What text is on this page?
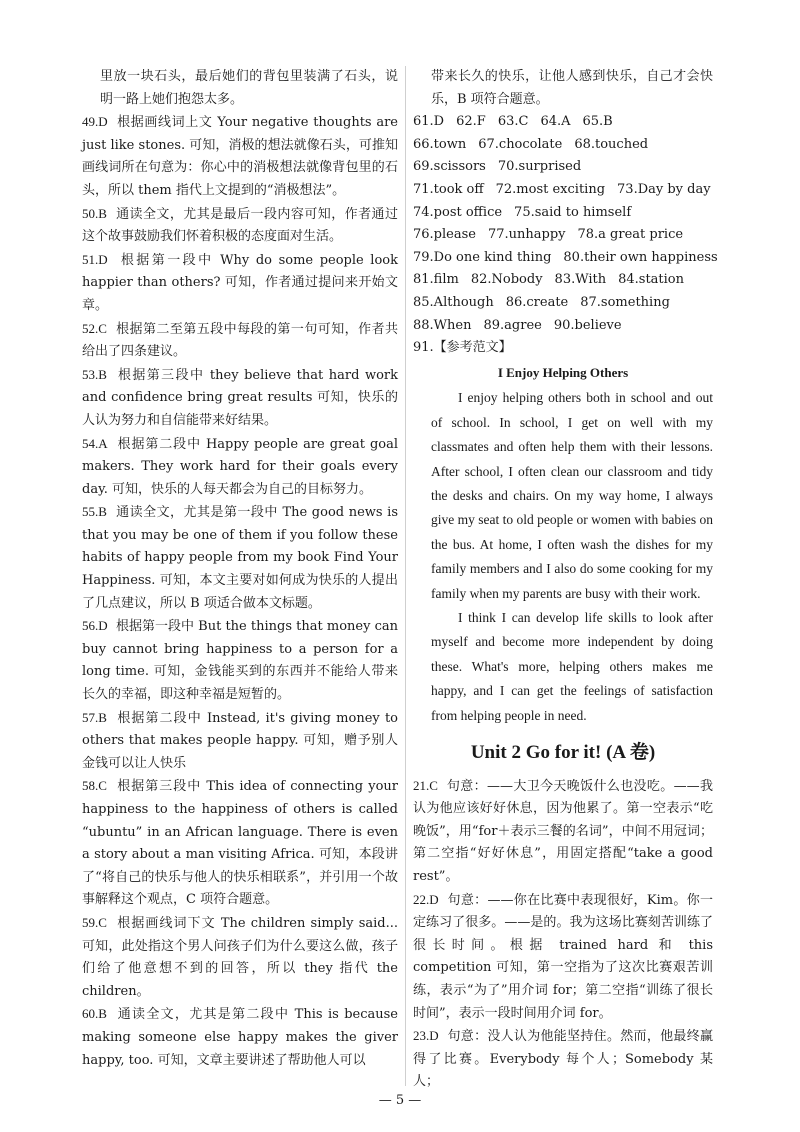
里放一块石头，最后她们的背包里装满了石头，说明一路上她们抱怨太多。
49.D 根据画线词上文 Your negative thoughts are just like stones. 可知，消极的想法就像石头，可推知画线词所在句意为：你心中的消极想法就像背包里的石头，所以 them 指代上文提到的“消极想法”。
50.B 通读全文，尤其是最后一段内容可知，作者通过这个故事鼓励我们怀着积极的态度面对生活。
51.D 根据第一段中 Why do some people look happier than others? 可知，作者通过提问来开始文章。
52.C 根据第二至第五段中每段的第一句可知，作者共给出了四条建议。
53.B 根据第三段中 they believe that hard work and confidence bring great results 可知，快乐的人认为努力和自信能带来好结果。
54.A 根据第二段中 Happy people are great goal makers. They work hard for their goals every day. 可知，快乐的人每天都会为自己的目标努力。
55.B 通读全文，尤其是第一段中 The good news is that you may be one of them if you follow these habits of happy people from my book Find Your Happiness. 可知，本文主要对如何成为快乐的人提出了几点建议，所以 B 项适合做本文标题。
56.D 根据第一段中 But the things that money can buy cannot bring happiness to a person for a long time. 可知，金钱能买到的东西并不能给人带来长久的幸福，即这种幸福是短暂的。
57.B 根据第二段中 Instead, it's giving money to others that makes people happy. 可知，赠予别人金钱可以让人快乐
58.C 根据第三段中 This idea of connecting your happiness to the happiness of others is called “ubuntu” in an African language. There is even a story about a man visiting Africa. 可知，本段讲了“将自己的快乐与他人的快乐相联系”，并引用一个故事解释这个观点，C 项符合题意。
59.C 根据画线词下文 The children simply said... 可知，此处指这个男人问孩子们为什么要这么做，孩子们给了他意想不到的回答，所以 they 指代 the children。
60.B 通读全文，尤其是第二段中 This is because making someone else happy makes the giver happy, too. 可知，文章主要讲述了帮助他人可以
带来长久的快乐，让他人感到快乐，自己才会快乐，B 项符合题意。
61.D 62.F 63.C 64.A 65.B
66.town 67.chocolate 68.touched
69.scissors 70.surprised
71.took off 72.most exciting 73.Day by day
74.post office 75.said to himself
76.please 77.unhappy 78.a great price
79.Do one kind thing 80.their own happiness
81.film 82.Nobody 83.With 84.station
85.Although 86.create 87.something
88.When 89.agree 90.believe
91.【参考范文】
I Enjoy Helping Others

I enjoy helping others both in school and out of school. In school, I get on well with my classmates and often help them with their lessons. After school, I often clean our classroom and tidy the desks and chairs. On my way home, I always give my seat to old people or women with babies on the bus. At home, I often wash the dishes for my family members and I also do some cooking for my family when my parents are busy with their work.

I think I can develop life skills to look after myself and become more independent by doing these. What's more, helping others makes me happy, and I can get the feelings of satisfaction from helping people in need.

Unit 2 Go for it! (A 卷)
21.C 句意：——大卫今天晚饭什么也没吃。——我认为他应该好好休息，因为他累了。第一空表示“吃晚饭”，用“for＋表示三餐的名词”，中间不用冠词；第二空指“好好休息”，用固定搭配“take a good rest”。
22.D 句意：——你在比赛中表现很好，Kim。你一定练习了很多。——是的。我为这场比赛刻苦训练了很长时间。根据 trained hard 和 this competition 可知，第一空指为了这次比赛艰苦训练，表示“为了”用介词 for；第二空指“训练了很长时间”，表示一段时间用介词 for。
23.D 句意：没人认为他能坚持住。然而，他最终赢得了比赛。Everybody 每个人；Somebody 某人；
— 5 —
